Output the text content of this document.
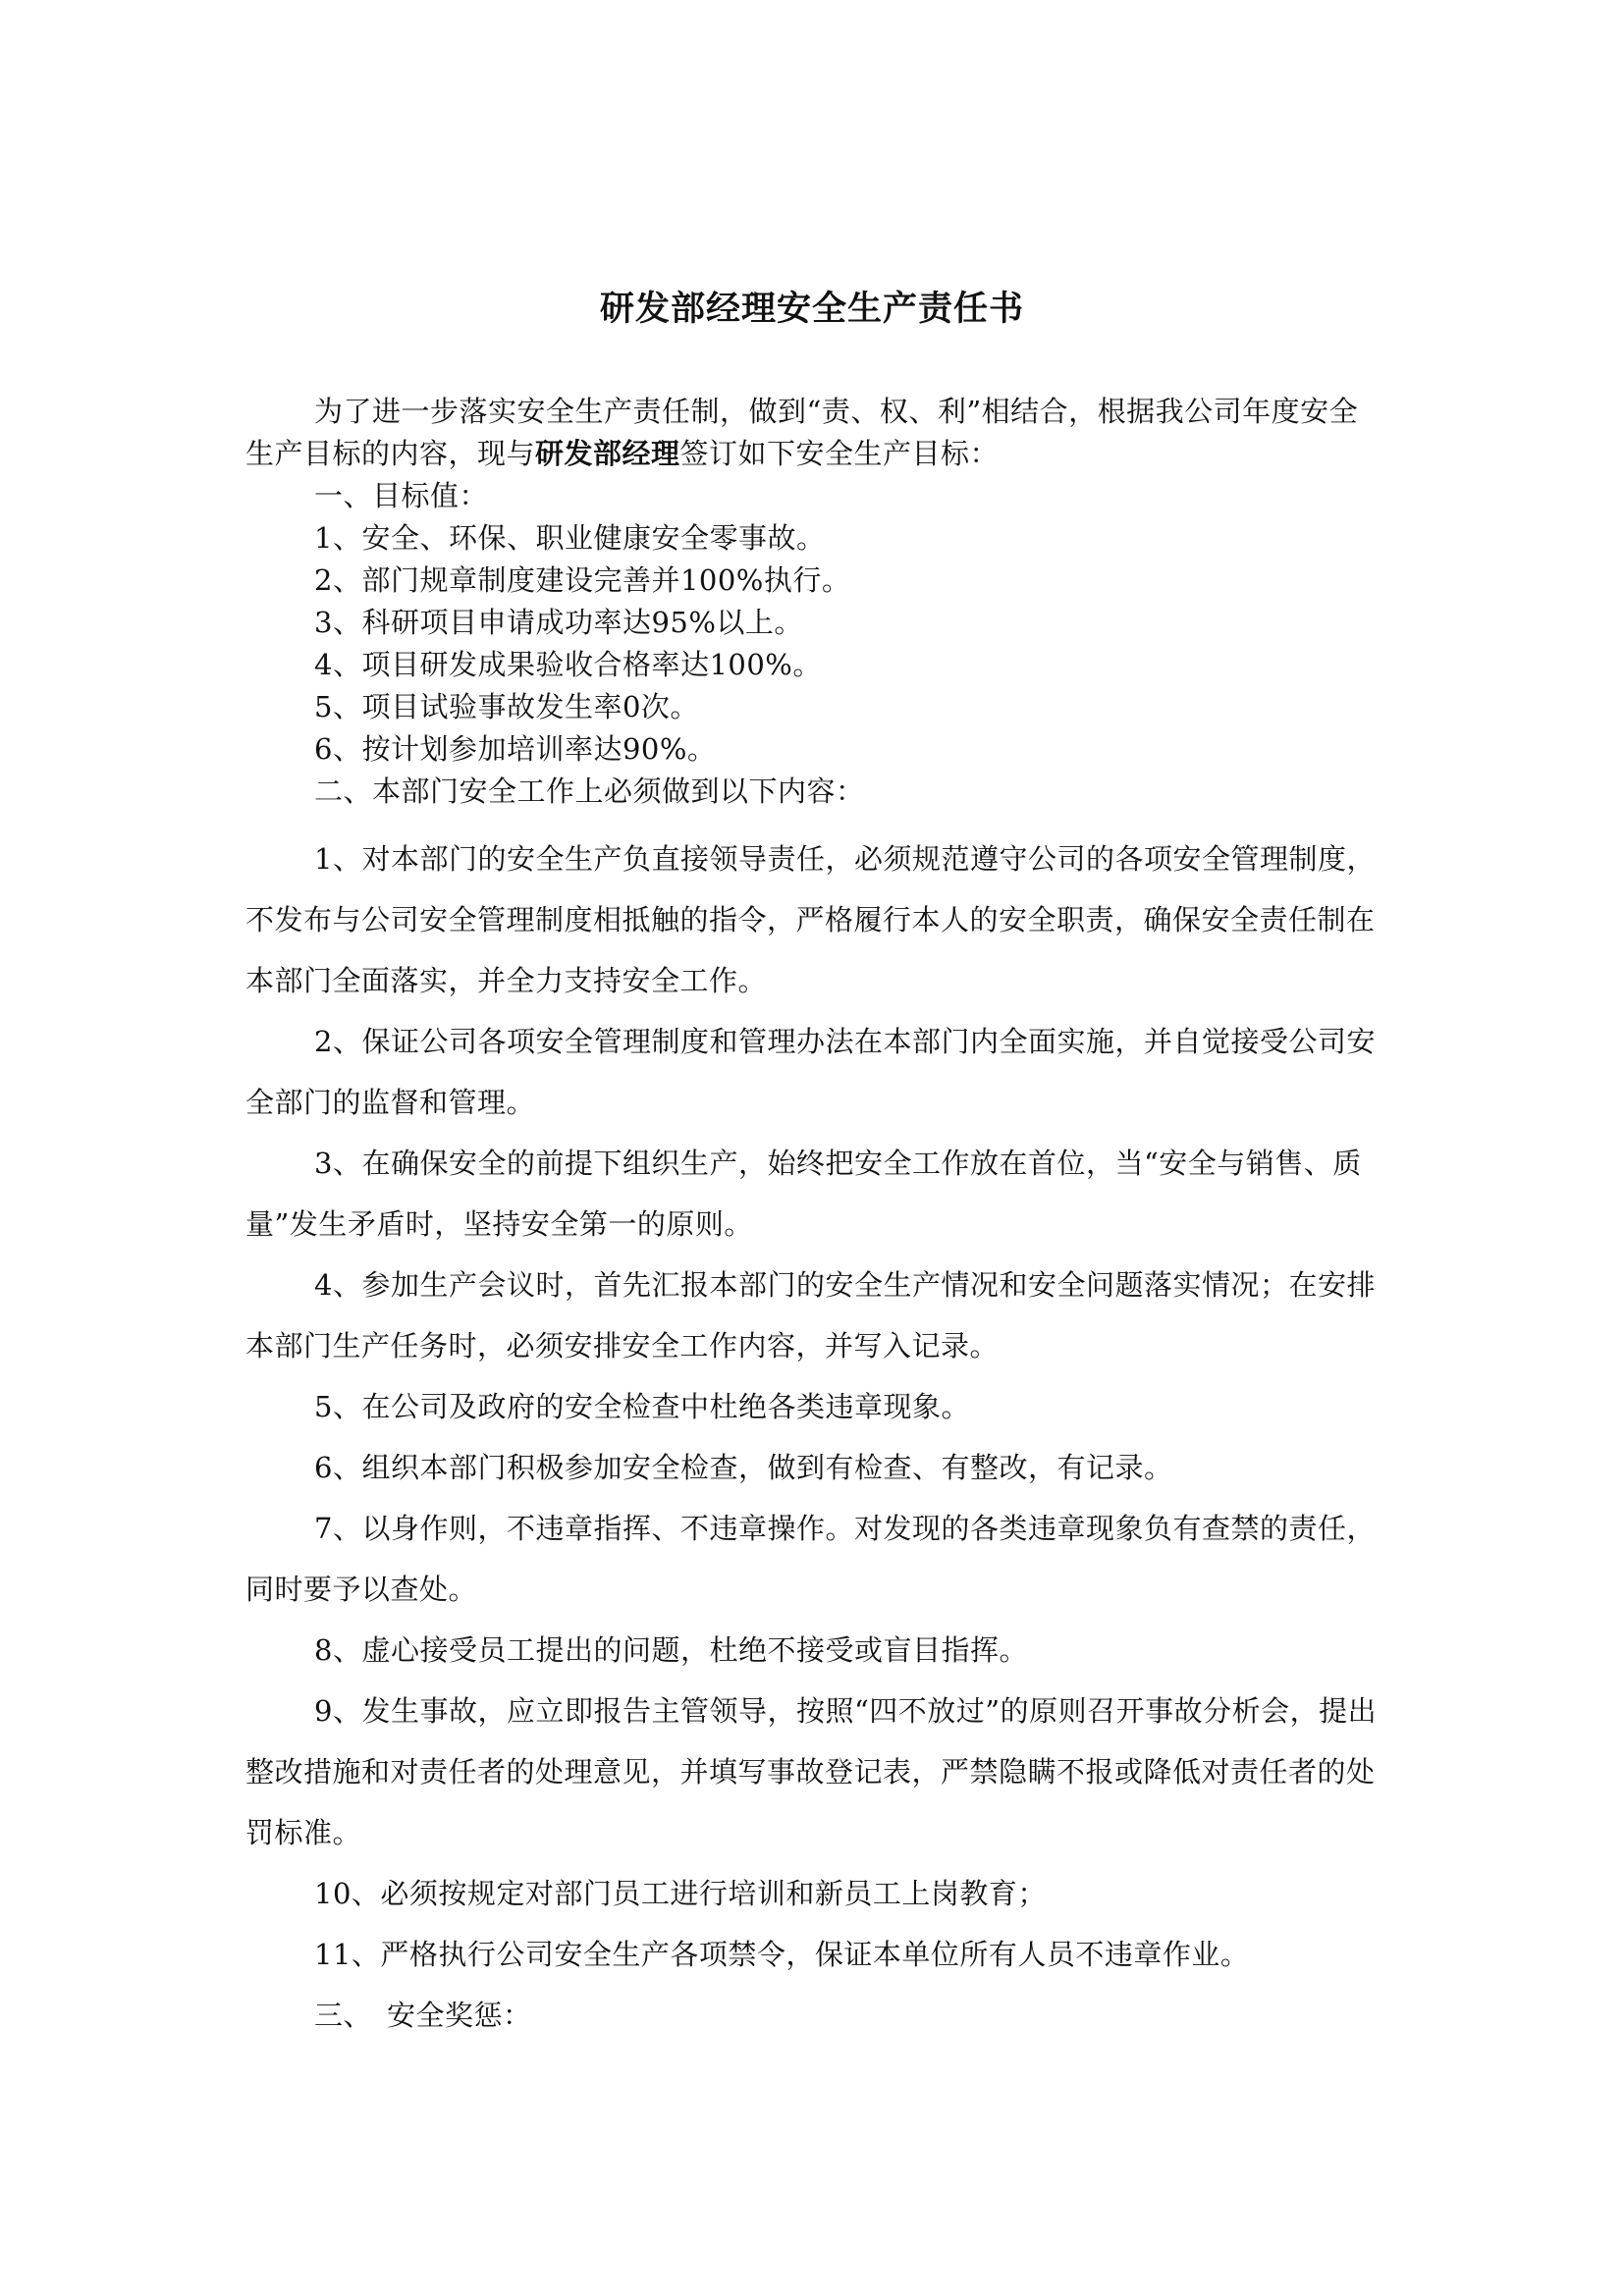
研发部经理安全生产责任书
为了进一步落实安全生产责任制，做到“责、权、利”相结合，根据我公司年度安全生产目标的内容，现与研发部经理签订如下安全生产目标：
一、目标值：
1、安全、环保、职业健康安全零事故。
2、部门规章制度建设完善并100%执行。
3、科研项目申请成功率达95%以上。
4、项目研发成果验收合格率达100%。
5、项目试验事故发生率0次。
6、按计划参加培训率达90%。
二、本部门安全工作上必须做到以下内容：
1、对本部门的安全生产负直接领导责任，必须规范遵守公司的各项安全管理制度，不发布与公司安全管理制度相抵触的指令，严格履行本人的安全职责，确保安全责任制在本部门全面落实，并全力支持安全工作。
2、保证公司各项安全管理制度和管理办法在本部门内全面实施，并自觉接受公司安全部门的监督和管理。
3、在确保安全的前提下组织生产，始终把安全工作放在首位，当“安全与销售、质量”发生矛盾时，坚持安全第一的原则。
4、参加生产会议时，首先汇报本部门的安全生产情况和安全问题落实情况；在安排本部门生产任务时，必须安排安全工作内容，并写入记录。
5、在公司及政府的安全检查中杜绝各类违章现象。
6、组织本部门积极参加安全检查，做到有检查、有整改，有记录。
7、以身作则，不违章指挥、不违章操作。对发现的各类违章现象负有查禁的责任，同时要予以查处。
8、虚心接受员工提出的问题，杜绝不接受或盲目指挥。
9、发生事故，应立即报告主管领导，按照“四不放过”的原则召开事故分析会，提出整改措施和对责任者的处理意见，并填写事故登记表，严禁隐瞒不报或降低对责任者的处罚标准。
10、必须按规定对部门员工进行培训和新员工上岗教育；
11、严格执行公司安全生产各项禁令，保证本单位所有人员不违章作业。
三、　安全奖惩：
